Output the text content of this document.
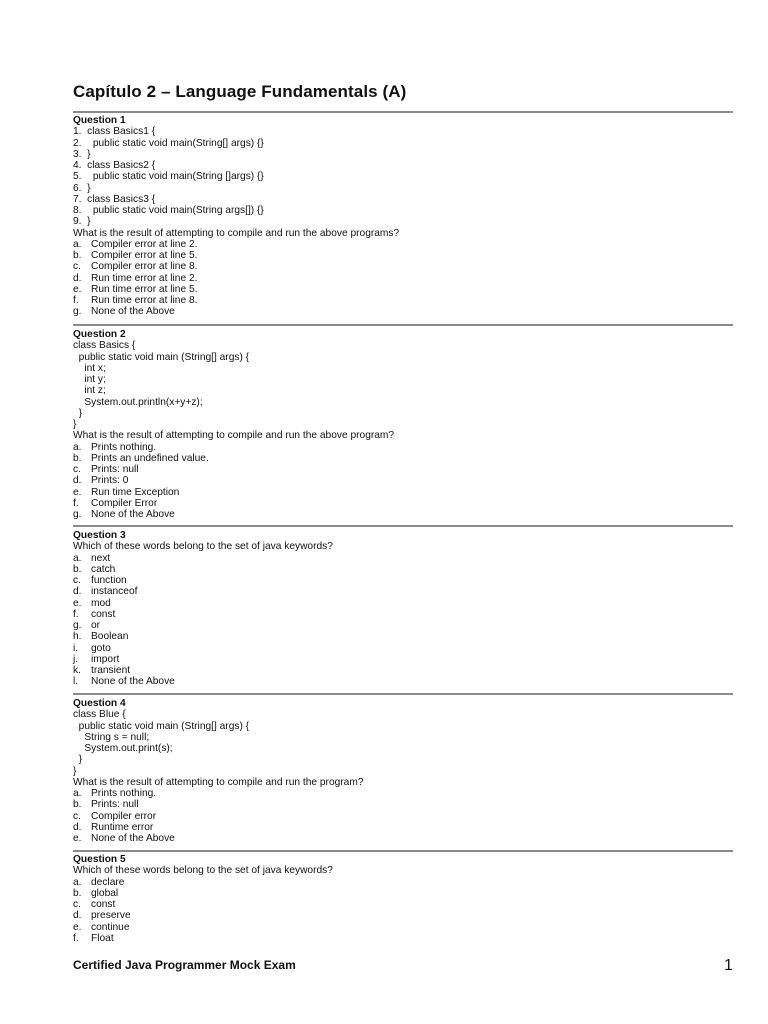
Capítulo 2 – Language Fundamentals (A)
Question 1
1.  class Basics1 {
2.    public static void main(String[] args) {}
3.  }
4.  class Basics2 {
5.    public static void main(String []args) {}
6.  }
7.  class Basics3 {
8.    public static void main(String args[]) {}
9.  }
What is the result of attempting to compile and run the above programs?
a. Compiler error at line 2.
b. Compiler error at line 5.
c. Compiler error at line 8.
d. Run time error at line 2.
e. Run time error at line 5.
f. Run time error at line 8.
g. None of the Above
Question 2
class Basics {
public static void main (String[] args) {
int x;
int y;
int z;
System.out.println(x+y+z);
}
}
What is the result of attempting to compile and run the above program?
a. Prints nothing.
b. Prints an undefined value.
c. Prints: null
d. Prints: 0
e. Run time Exception
f. Compiler Error
g. None of the Above
Question 3
Which of these words belong to the set of java keywords?
a. next
b. catch
c. function
d. instanceof
e. mod
f. const
g. or
h. Boolean
i. goto
j. import
k. transient
l. None of the Above
Question 4
class Blue {
public static void main (String[] args) {
String s = null;
System.out.print(s);
}
}
What is the result of attempting to compile and run the program?
a. Prints nothing.
b. Prints: null
c. Compiler error
d. Runtime error
e. None of the Above
Question 5
Which of these words belong to the set of java keywords?
a. declare
b. global
c. const
d. preserve
e. continue
f. Float
Certified Java Programmer Mock Exam	1
